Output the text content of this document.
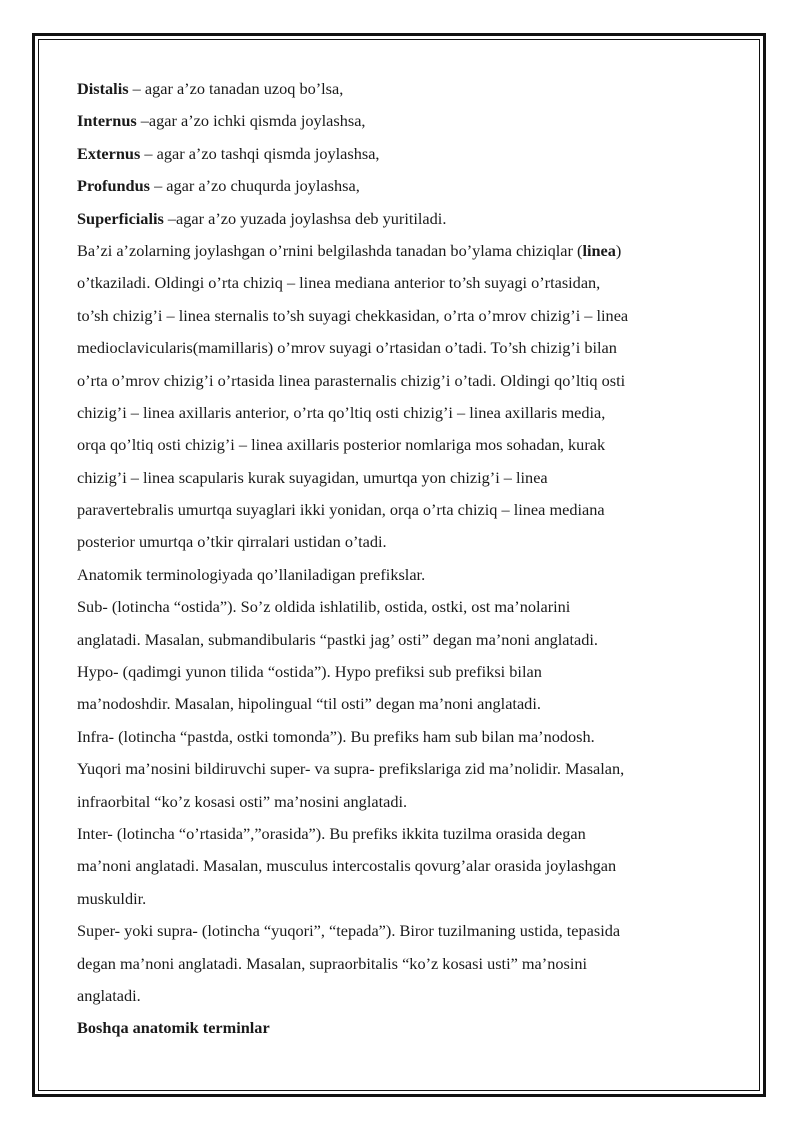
Distalis – agar a’zo tanadan uzoq bo’lsa,
Internus –agar a’zo ichki qismda joylashsa,
Externus – agar a’zo tashqi qismda joylashsa,
Profundus – agar a’zo chuqurda joylashsa,
Superficialis –agar a’zo yuzada joylashsa deb yuritiladi.
Ba’zi a’zolarning joylashgan o’rnini belgilashda tanadan bo’ylama chiziqlar (linea)
o’tkaziladi. Oldingi o’rta chiziq – linea mediana anterior to’sh suyagi o’rtasidan,
to’sh chizig’i – linea sternalis to’sh suyagi chekkasidan, o’rta o’mrov chizig’i – linea
medioclavicularis(mamillaris) o’mrov suyagi o’rtasidan o’tadi. To’sh chizig’i bilan
o’rta o’mrov chizig’i o’rtasida linea parasternalis chizig’i o’tadi. Oldingi qo’ltiq osti
chizig’i – linea axillaris anterior, o’rta qo’ltiq osti chizig’i – linea axillaris media,
orqa qo’ltiq osti chizig’i – linea axillaris posterior nomlariga mos sohadan, kurak
chizig’i – linea scapularis kurak suyagidan, umurtqa yon chizig’i – linea
paravertebralis umurtqa suyaglari ikki yonidan, orqa o’rta chiziq – linea mediana
posterior umurtqa o’tkir qirralari ustidan o’tadi.
Anatomik terminologiyada qo’llaniladigan prefikslar.
Sub- (lotincha “ostida”). So’z oldida ishlatilib, ostida, ostki, ost ma’nolarini
anglatadi. Masalan, submandibularis “pastki jag’ osti” degan ma’noni anglatadi.
Hypo- (qadimgi yunon tilida “ostida”). Hypo prefiksi sub prefiksi bilan
ma’nodoshdir. Masalan, hipolingual “til osti” degan ma’noni anglatadi.
Infra- (lotincha “pastda, ostki tomonda”). Bu prefiks ham sub bilan ma’nodosh.
Yuqori ma’nosini bildiruvchi super- va supra- prefikslariga zid ma’nolidir. Masalan,
infraorbital “ko’z kosasi osti” ma’nosini anglatadi.
Inter- (lotincha “o’rtasida”,”orasida”). Bu prefiks ikkita tuzilma orasida degan
ma’noni anglatadi. Masalan, musculus intercostalis qovurg’alar orasida joylashgan
muskuldir.
Super- yoki supra- (lotincha “yuqori”, “tepada”). Biror tuzilmaning ustida, tepasida
degan ma’noni anglatadi. Masalan, supraorbitalis “ko’z kosasi usti” ma’nosini
anglatadi.
Boshqa anatomik terminlar
